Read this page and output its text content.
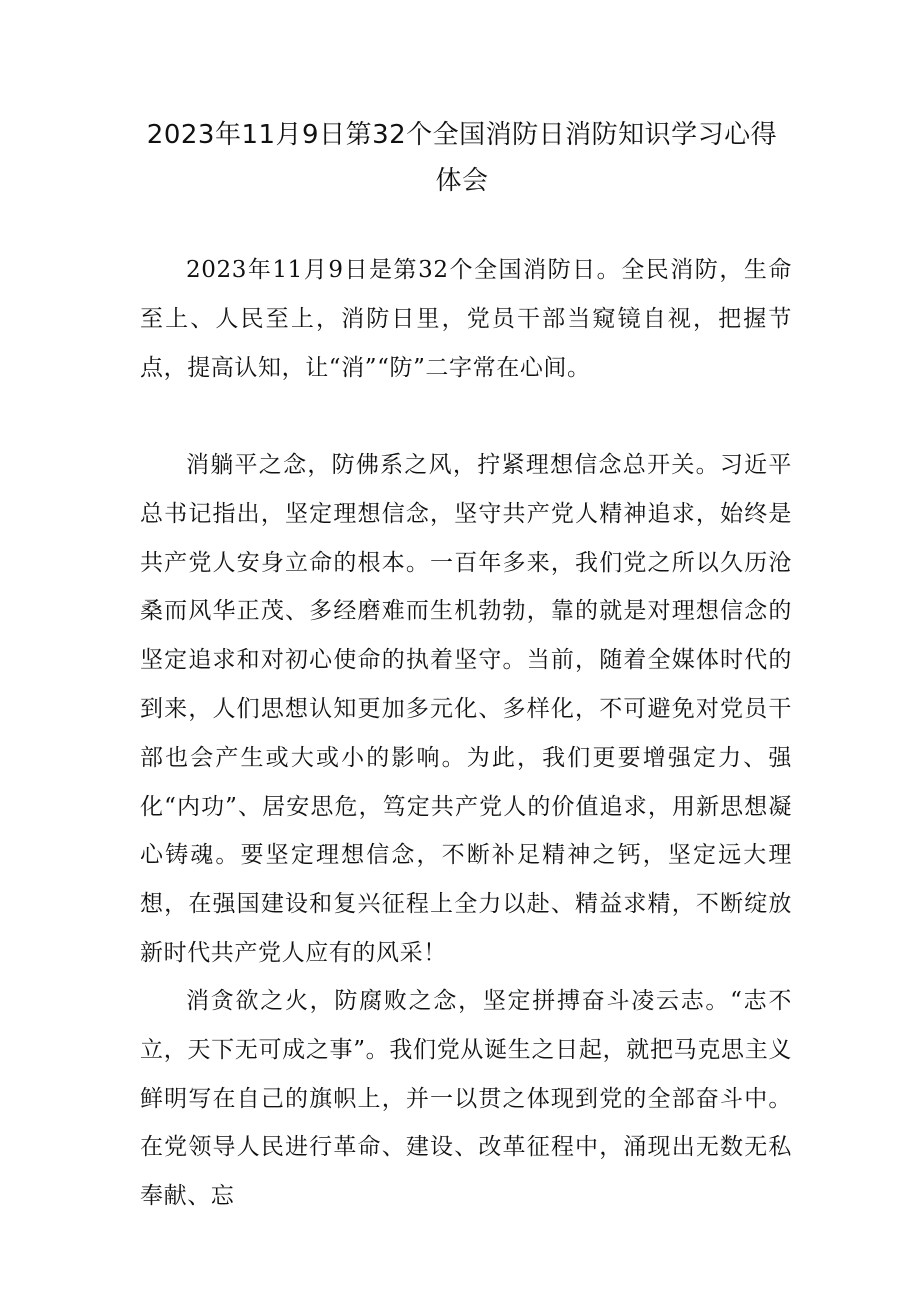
2023年11月9日第32个全国消防日消防知识学习心得体会

2023年11月9日是第32个全国消防日。全民消防，生命至上、人民至上，消防日里，党员干部当窥镜自视，把握节点，提高认知，让“消”“防”二字常在心间。

消躺平之念，防佛系之风，拧紧理想信念总开关。习近平总书记指出，坚定理想信念，坚守共产党人精神追求，始终是共产党人安身立命的根本。一百年多来，我们党之所以久历沧桑而风华正茂、多经磨难而生机勃勃，靠的就是对理想信念的坚定追求和对初心使命的执着坚守。当前，随着全媒体时代的到来，人们思想认知更加多元化、多样化，不可避免对党员干部也会产生或大或小的影响。为此，我们更要增强定力、强化“内功”、居安思危，笃定共产党人的价值追求，用新思想凝心铸魂。要坚定理想信念，不断补足精神之钙，坚定远大理想，在强国建设和复兴征程上全力以赴、精益求精，不断绽放新时代共产党人应有的风采！

消贪欲之火，防腐败之念，坚定拼搏奋斗凌云志。“志不立，天下无可成之事”。我们党从诞生之日起，就把马克思主义鲜明写在自己的旗帜上，并一以贯之体现到党的全部奋斗中。在党领导人民进行革命、建设、改革征程中，涌现出无数无私奉献、忘
